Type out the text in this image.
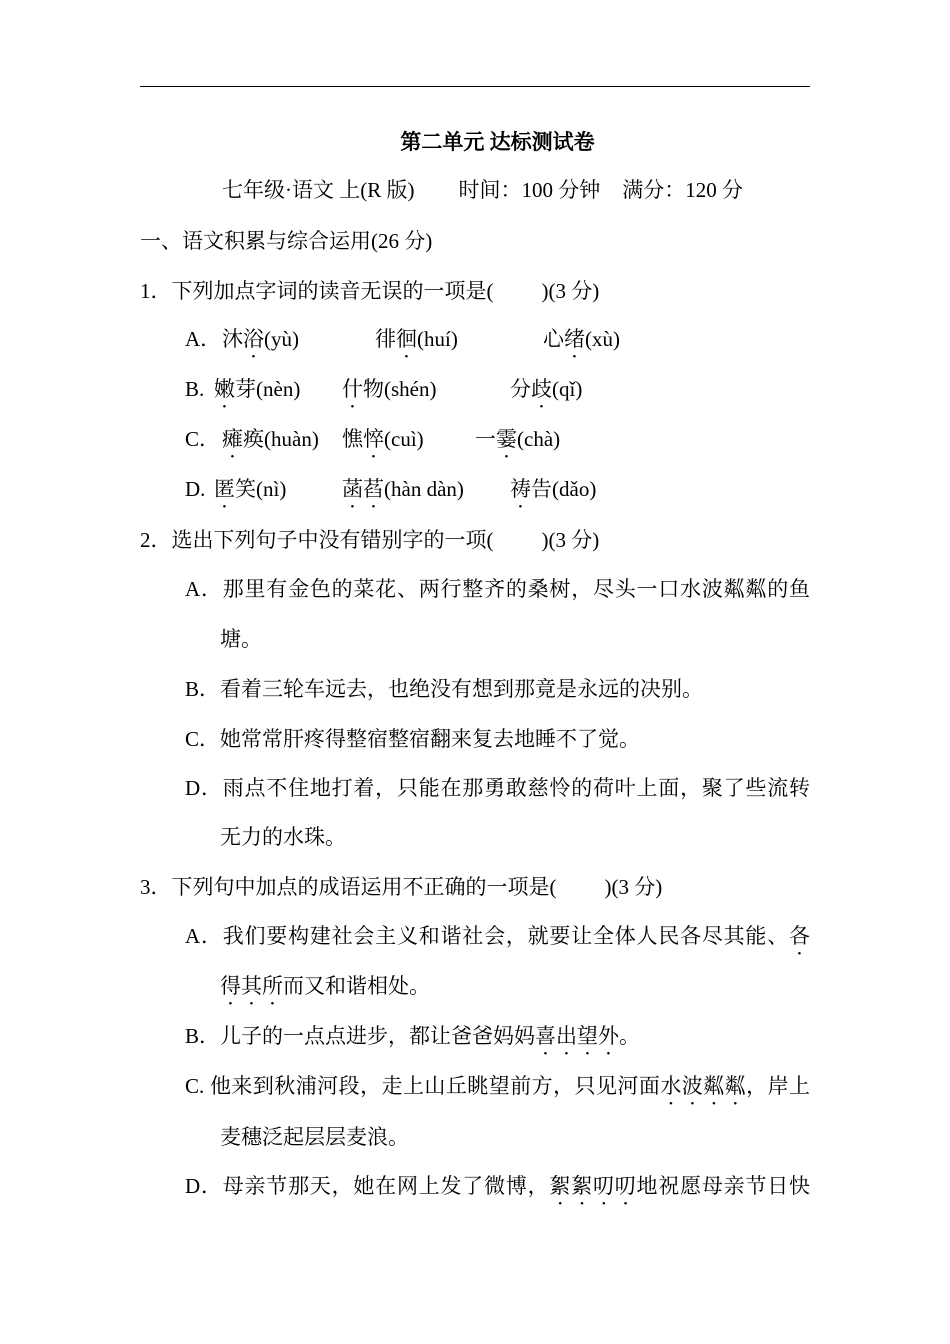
第二单元 达标测试卷
七年级·语文 上(R 版) 时间：100 分钟 满分：120 分
一、语文积累与综合运用(26 分)
1．下列加点字词的读音无误的一项是( )(3 分)
A． 沐浴(yù)	徘徊(huí)	心绪(xù)
B. 嫩芽(nèn) 什物(shén)	分歧(qǐ)
C． 瘫痪(huàn) 憔悴(cuì) 一霎(chà)
D. 匿笑(nì)	菡萏(hàn dàn) 祷告(dǎo)
2．选出下列句子中没有错别字的一项( )(3 分)
A．那里有金色的菜花、两行整齐的桑树，尽头一口水波粼粼的鱼
塘。
B．看着三轮车远去，也绝没有想到那竟是永远的决别。
C．她常常肝疼得整宿整宿翻来复去地睡不了觉。
D．雨点不住地打着，只能在那勇敢慈怜的荷叶上面，聚了些流转
无力的水珠。
3．下列句中加点的成语运用不正确的一项是( )(3 分)
A．我们要构建社会主义和谐社会，就要让全体人民各尽其能、各
得其所而又和谐相处。
B．儿子的一点点进步，都让爸爸妈妈喜出望外。
C. 他来到秋浦河段，走上山丘眺望前方，只见河面水波粼粼，岸上
麦穗泛起层层麦浪。
D．母亲节那天，她在网上发了微博，絮絮叨叨地祝愿母亲节日快
